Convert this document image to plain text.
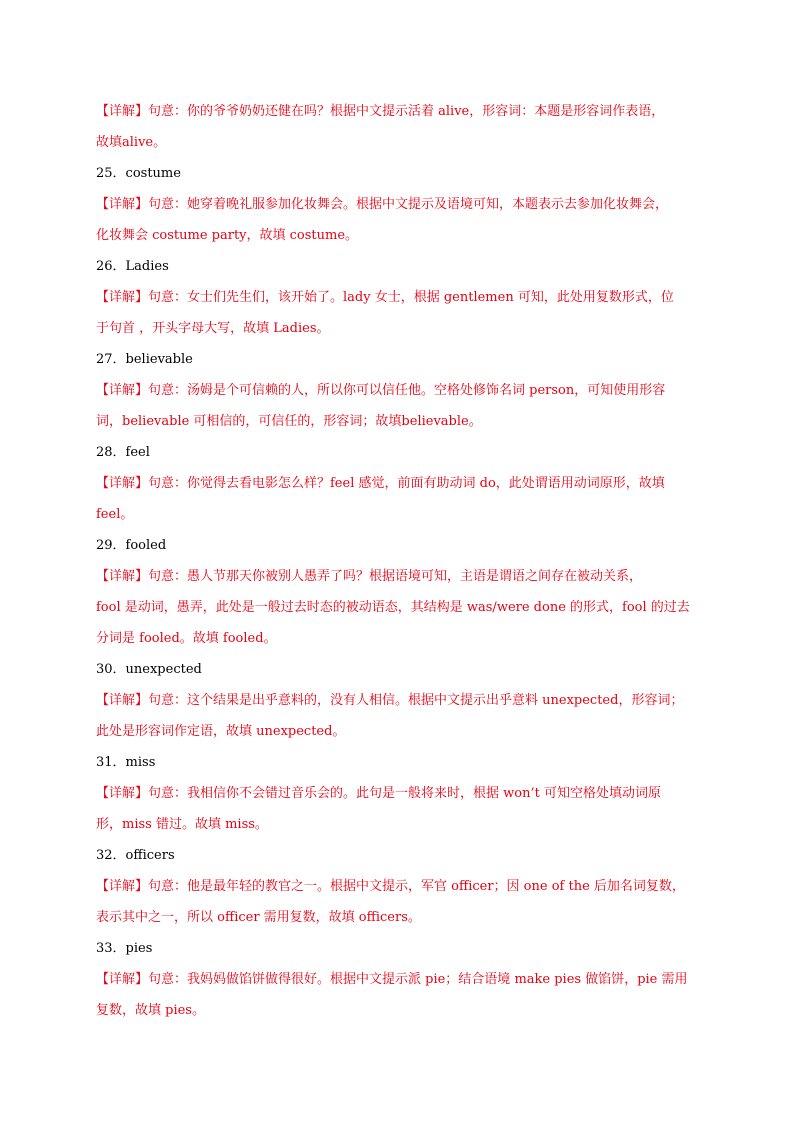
【详解】句意：你的爷爷奶奶还健在吗？根据中文提示活着 alive，形容词：本题是形容词作表语，
故填alive。
25．costume
【详解】句意：她穿着晚礼服参加化妆舞会。根据中文提示及语境可知，本题表示去参加化妆舞会，
化妆舞会 costume party，故填 costume。
26．Ladies
【详解】句意：女士们先生们，该开始了。lady 女士，根据 gentlemen 可知，此处用复数形式，位
于句首 ，开头字母大写，故填 Ladies。
27．believable
【详解】句意：汤姆是个可信赖的人，所以你可以信任他。空格处修饰名词 person，可知使用形容
词，believable 可相信的，可信任的，形容词；故填believable。
28．feel
【详解】句意：你觉得去看电影怎么样？feel 感觉，前面有助动词 do，此处谓语用动词原形，故填
feel。
29．fooled
【详解】句意：愚人节那天你被别人愚弄了吗？根据语境可知，主语是谓语之间存在被动关系，
fool 是动词，愚弄，此处是一般过去时态的被动语态，其结构是 was/were done 的形式，fool 的过去
分词是 fooled。故填 fooled。
30．unexpected
【详解】句意：这个结果是出乎意料的，没有人相信。根据中文提示出乎意料 unexpected，形容词；
此处是形容词作定语，故填 unexpected。
31．miss
【详解】句意：我相信你不会错过音乐会的。此句是一般将来时，根据 won’t 可知空格处填动词原
形，miss 错过。故填 miss。
32．officers
【详解】句意：他是最年轻的教官之一。根据中文提示，军官 officer；因 one of the 后加名词复数，
表示其中之一，所以 officer 需用复数，故填 officers。
33．pies
【详解】句意：我妈妈做馅饼做得很好。根据中文提示派 pie；结合语境 make pies 做馅饼，pie 需用
复数，故填 pies。
